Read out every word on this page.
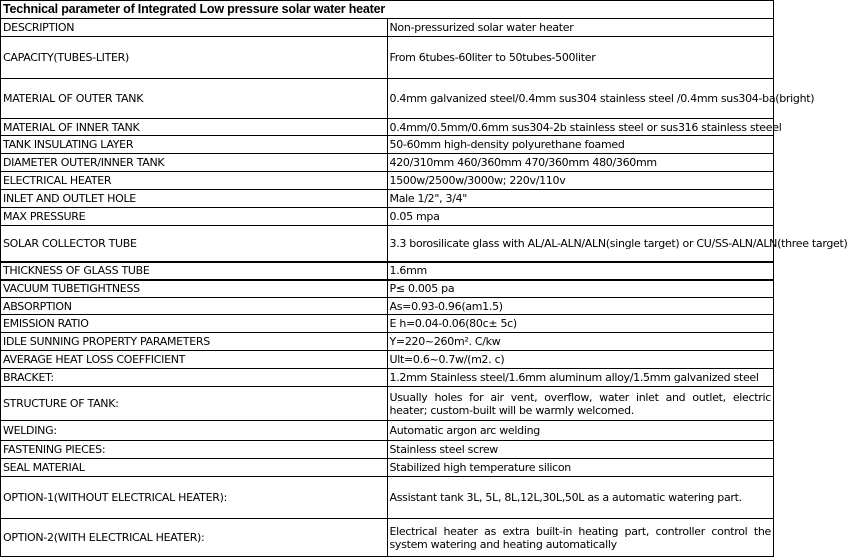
Technical parameter of Integrated Low pressure solar water heater	
DESCRIPTION	Non-pressurized solar water heater
CAPACITY(TUBES-LITER)	From 6tubes-60liter to 50tubes-500liter
MATERIAL OF OUTER TANK	0.4mm galvanized steel/0.4mm sus304 stainless steel /0.4mm sus304-ba(bright)
MATERIAL OF INNER TANK	0.4mm/0.5mm/0.6mm sus304-2b stainless steel or sus316 stainless steeel
TANK INSULATING LAYER	50-60mm high-density polyurethane foamed
DIAMETER OUTER/INNER TANK	420/310mm 460/360mm 470/360mm 480/360mm
ELECTRICAL HEATER	1500w/2500w/3000w; 220v/110v
INLET AND OUTLET HOLE	Male 1/2", 3/4"
MAX PRESSURE	0.05 mpa
SOLAR COLLECTOR TUBE	3.3 borosilicate glass with AL/AL-ALN/ALN(single target) or CU/SS-ALN/ALN(three target)
THICKNESS OF GLASS TUBE	1.6mm
VACUUM TUBETIGHTNESS	P≤ 0.005 pa
ABSORPTION	As=0.93-0.96(am1.5)
EMISSION RATIO	E h=0.04-0.06(80c± 5c)
IDLE SUNNING PROPERTY PARAMETERS	Y=220~260m². C/kw
AVERAGE HEAT LOSS COEFFICIENT	Ult=0.6~0.7w/(m2. c)
BRACKET:	1.2mm Stainless steel/1.6mm aluminum alloy/1.5mm galvanized steel
STRUCTURE OF TANK:	Usually holes for air vent, overflow, water inlet and outlet, electric heater; custom-built will be warmly welcomed.
WELDING:	Automatic argon arc welding
FASTENING PIECES:	Stainless steel screw
SEAL MATERIAL	Stabilized high temperature silicon
OPTION-1(WITHOUT ELECTRICAL HEATER):	Assistant tank 3L, 5L, 8L,12L,30L,50L as a automatic watering part.
OPTION-2(WITH ELECTRICAL HEATER):	Electrical heater as extra built-in heating part, controller control the system watering and heating automatically
